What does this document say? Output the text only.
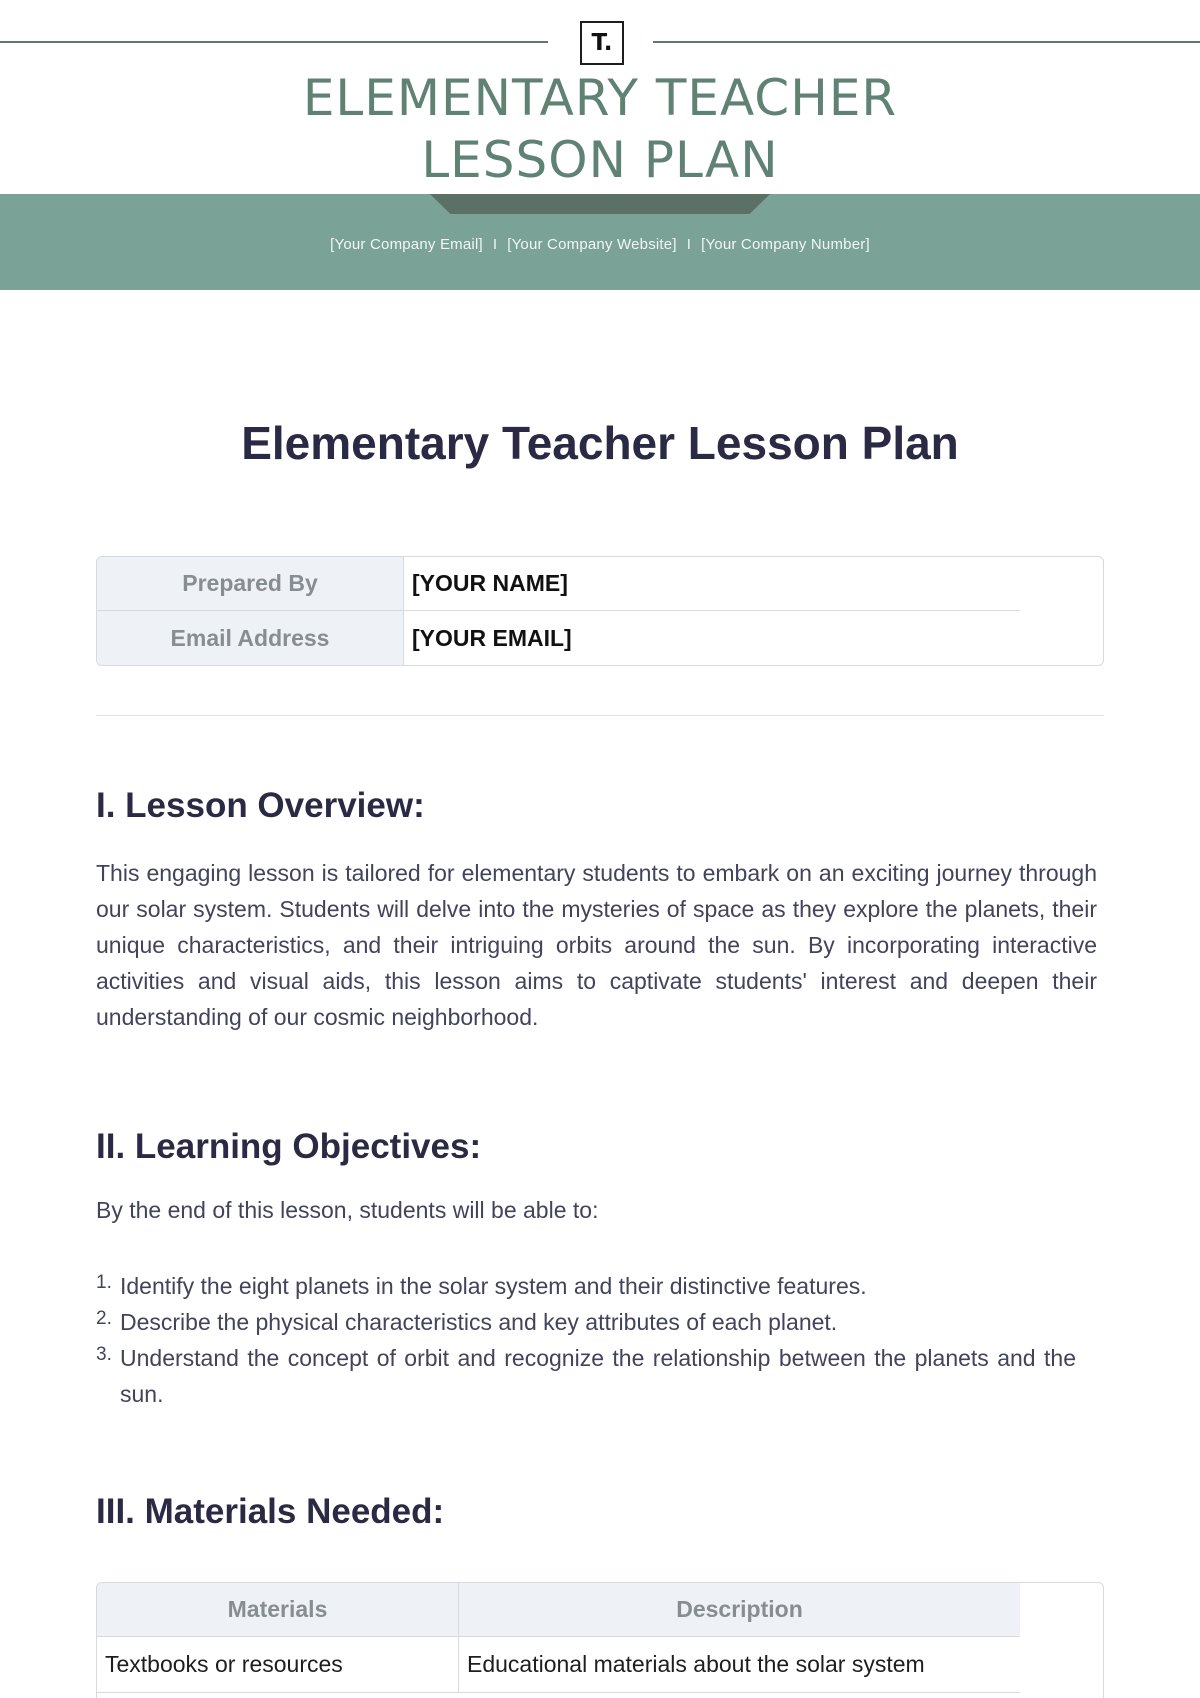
T.
ELEMENTARY TEACHER
LESSON PLAN
[Your Company Email] I [Your Company Website] I [Your Company Number]
Elementary Teacher Lesson Plan
Prepared By	[YOUR NAME]
Email Address	[YOUR EMAIL]
I. Lesson Overview:
This engaging lesson is tailored for elementary students to embark on an exciting journey through our solar system. Students will delve into the mysteries of space as they explore the planets, their unique characteristics, and their intriguing orbits around the sun. By incorporating interactive activities and visual aids, this lesson aims to captivate students' interest and deepen their understanding of our cosmic neighborhood.
II. Learning Objectives:
By the end of this lesson, students will be able to:
1. Identify the eight planets in the solar system and their distinctive features.
2. Describe the physical characteristics and key attributes of each planet.
3. Understand the concept of orbit and recognize the relationship between the planets and the sun.
III. Materials Needed:
Materials	Description
Textbooks or resources	Educational materials about the solar system
